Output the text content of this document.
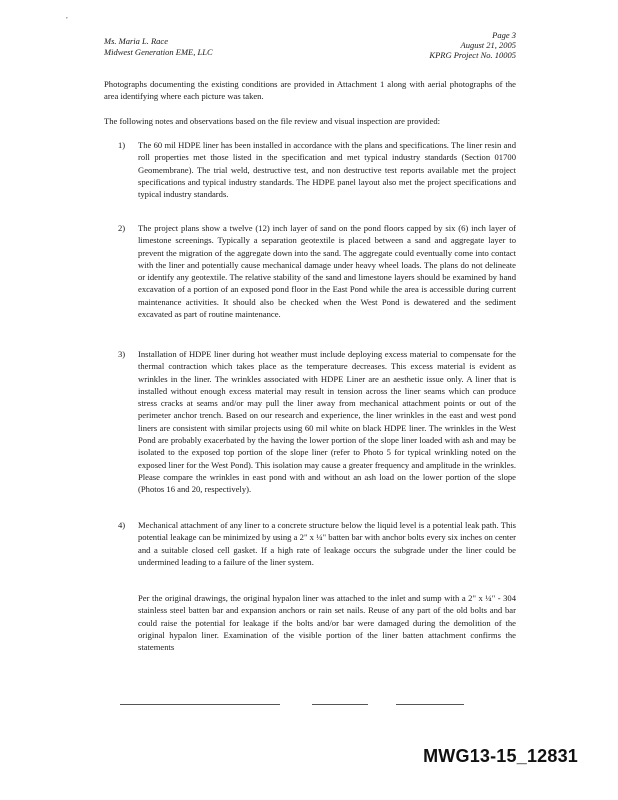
,
Ms. Maria L. Race
Midwest Generation EME, LLC
Page 3
August 21, 2005
KPRG Project No. 10005
Photographs documenting the existing conditions are provided in Attachment 1 along with aerial photographs of the area identifying where each picture was taken.
The following notes and observations based on the file review and visual inspection are provided:
1) The 60 mil HDPE liner has been installed in accordance with the plans and specifications. The liner resin and roll properties met those listed in the specification and met typical industry standards (Section 01700 Geomembrane). The trial weld, destructive test, and non destructive test reports available met the project specifications and typical industry standards. The HDPE panel layout also met the project specifications and typical industry standards.
2) The project plans show a twelve (12) inch layer of sand on the pond floors capped by six (6) inch layer of limestone screenings. Typically a separation geotextile is placed between a sand and aggregate layer to prevent the migration of the aggregate down into the sand. The aggregate could eventually come into contact with the liner and potentially cause mechanical damage under heavy wheel loads. The plans do not delineate or identify any geotextile. The relative stability of the sand and limestone layers should be examined by hand excavation of a portion of an exposed pond floor in the East Pond while the area is accessible during current maintenance activities. It should also be checked when the West Pond is dewatered and the sediment excavated as part of routine maintenance.
3) Installation of HDPE liner during hot weather must include deploying excess material to compensate for the thermal contraction which takes place as the temperature decreases. This excess material is evident as wrinkles in the liner. The wrinkles associated with HDPE Liner are an aesthetic issue only. A liner that is installed without enough excess material may result in tension across the liner seams which can produce stress cracks at seams and/or may pull the liner away from mechanical attachment points or out of the perimeter anchor trench. Based on our research and experience, the liner wrinkles in the east and west pond liners are consistent with similar projects using 60 mil white on black HDPE liner. The wrinkles in the West Pond are probably exacerbated by the having the lower portion of the slope liner loaded with ash and may be isolated to the exposed top portion of the slope liner (refer to Photo 5 for typical wrinkling noted on the exposed liner for the West Pond). This isolation may cause a greater frequency and amplitude in the wrinkles. Please compare the wrinkles in east pond with and without an ash load on the lower portion of the slope (Photos 16 and 20, respectively).
4) Mechanical attachment of any liner to a concrete structure below the liquid level is a potential leak path. This potential leakage can be minimized by using a 2" x ¼" batten bar with anchor bolts every six inches on center and a suitable closed cell gasket. If a high rate of leakage occurs the subgrade under the liner could be undermined leading to a failure of the liner system.
Per the original drawings, the original hypalon liner was attached to the inlet and sump with a 2" x ¼" - 304 stainless steel batten bar and expansion anchors or rain set nails. Reuse of any part of the old bolts and bar could raise the potential for leakage if the bolts and/or bar were damaged during the demolition of the original hypalon liner. Examination of the visible portion of the liner batten attachment confirms the statements
MWG13-15_12831
